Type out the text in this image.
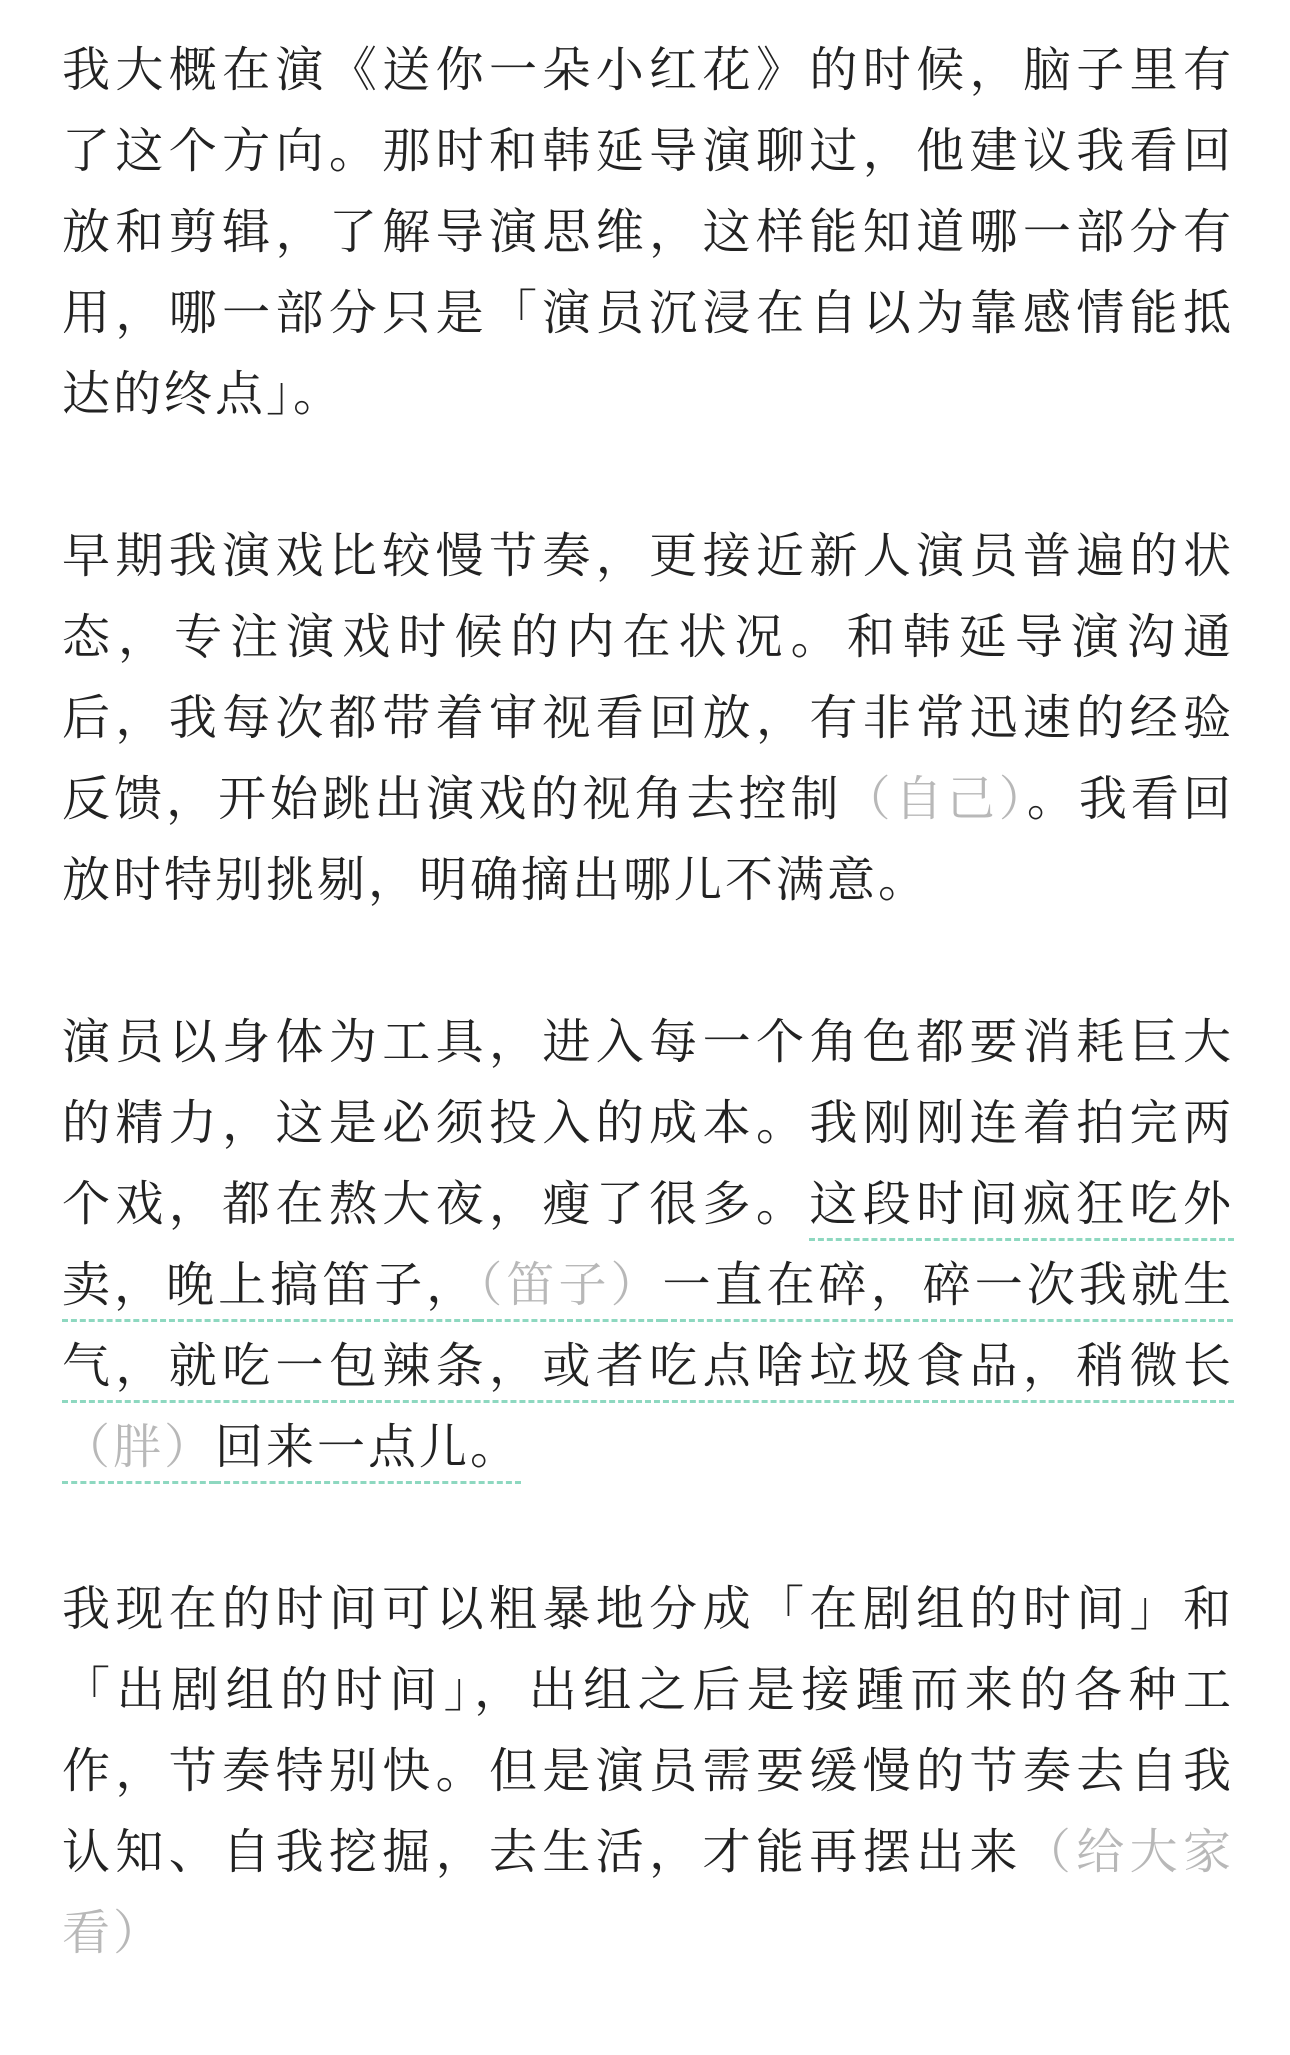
我大概在演《送你一朵小红花》的时候，脑子里有了这个方向。那时和韩延导演聊过，他建议我看回放和剪辑，了解导演思维，这样能知道哪一部分有用，哪一部分只是「演员沉浸在自以为靠感情能抵达的终点」。

早期我演戏比较慢节奏，更接近新人演员普遍的状态，专注演戏时候的内在状况。和韩延导演沟通后，我每次都带着审视看回放，有非常迅速的经验反馈，开始跳出演戏的视角去控制（自己）。我看回放时特别挑剔，明确摘出哪儿不满意。

演员以身体为工具，进入每一个角色都要消耗巨大的精力，这是必须投入的成本。我刚刚连着拍完两个戏，都在熬大夜，瘦了很多。这段时间疯狂吃外卖，晚上搞笛子，（笛子）一直在碎，碎一次我就生气，就吃一包辣条，或者吃点啥垃圾食品，稍微长（胖）回来一点儿。

我现在的时间可以粗暴地分成「在剧组的时间」和「出剧组的时间」，出组之后是接踵而来的各种工作，节奏特别快。但是演员需要缓慢的节奏去自我认知、自我挖掘，去生活，才能再摆出来（给大家看）
